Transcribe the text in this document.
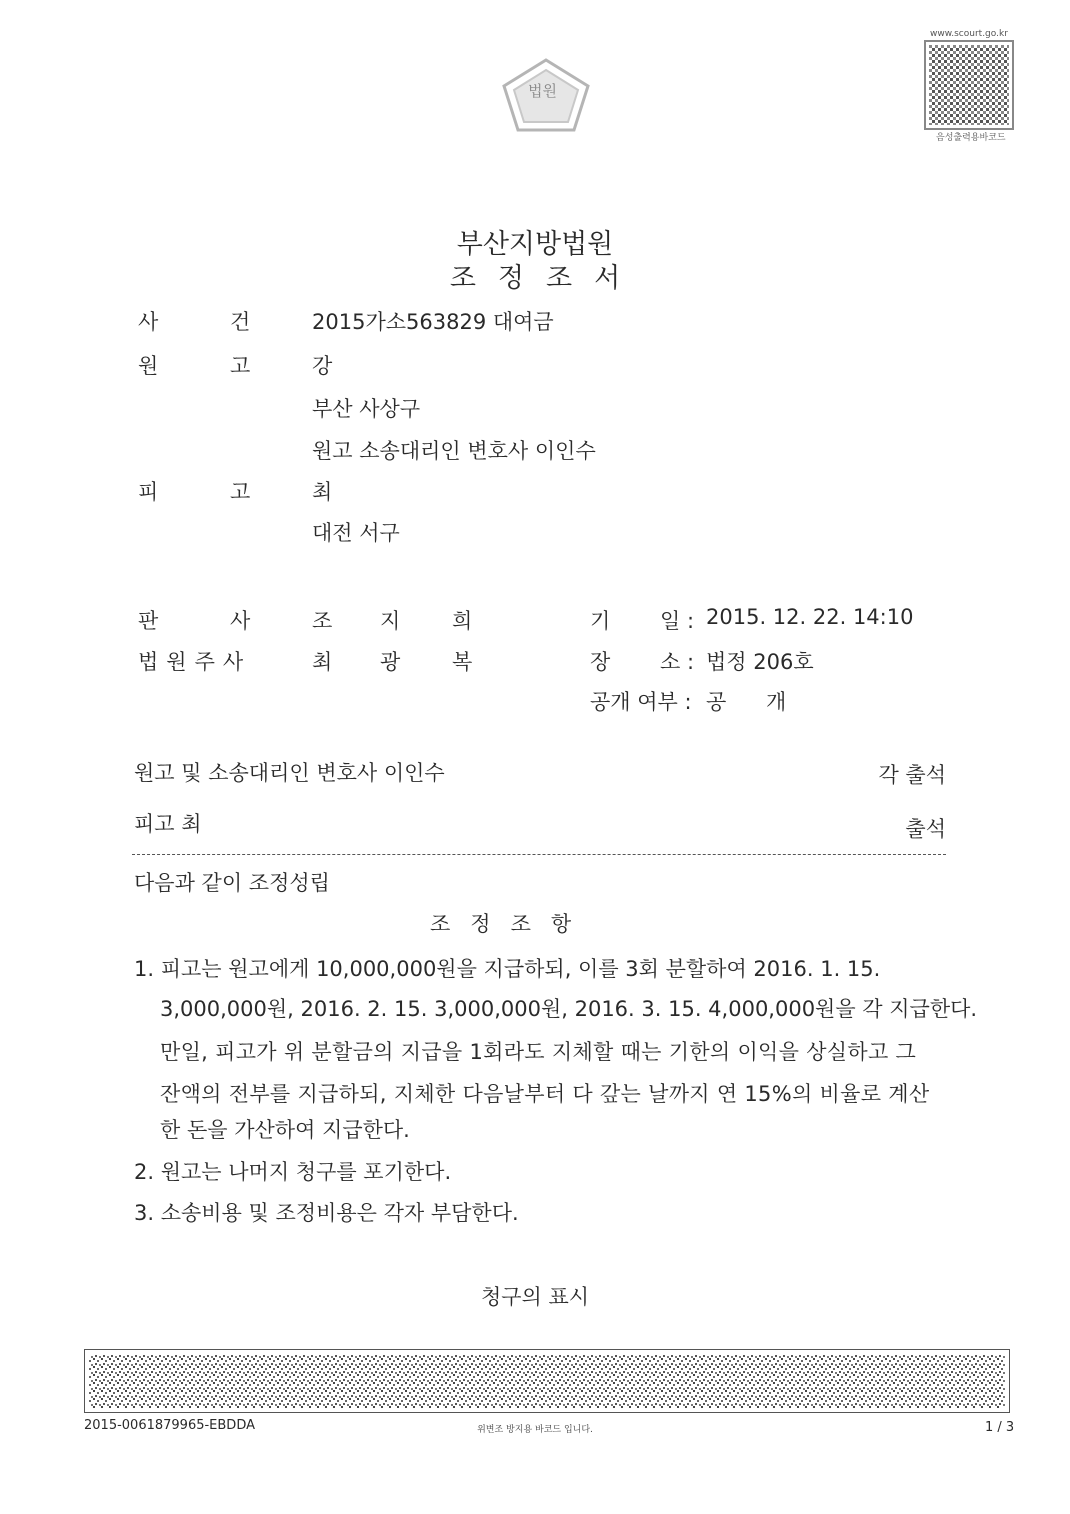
법원
www.scourt.go.kr
음성출력용바코드
부산지방법원
조정조서
사	건	2015가소563829 대여금
원	고	강
부산 사상구
원고 소송대리인 변호사 이인수
피	고	최
대전 서구
판	사	조 지 희	기 일 : 2015. 12. 22. 14:10
법원주사	최 광 복	장 소 : 법정 206호
공개 여부 : 공 개
원고 및 소송대리인 변호사 이인수	각 출석
피고 최	출석
다음과 같이 조정성립
조정조항
1. 피고는 원고에게 10,000,000원을 지급하되, 이를 3회 분할하여 2016. 1. 15.
3,000,000원, 2016. 2. 15. 3,000,000원, 2016. 3. 15. 4,000,000원을 각 지급한다.
만일, 피고가 위 분할금의 지급을 1회라도 지체할 때는 기한의 이익을 상실하고 그
잔액의 전부를 지급하되, 지체한 다음날부터 다 갚는 날까지 연 15%의 비율로 계산
한 돈을 가산하여 지급한다.
2. 원고는 나머지 청구를 포기한다.
3. 소송비용 및 조정비용은 각자 부담한다.
청구의 표시
2015-0061879965-EBDDA	위변조 방지용 바코드 입니다.	1 / 3
